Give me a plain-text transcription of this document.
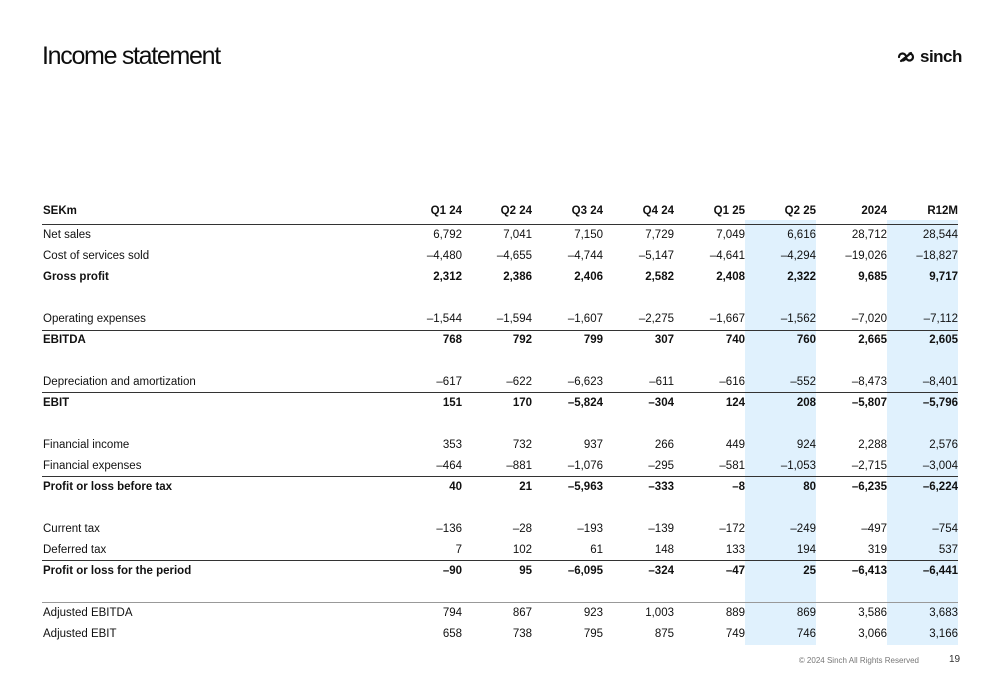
Income statement	sinch
SEKm	Q1 24	Q2 24	Q3 24	Q4 24	Q1 25	Q2 25	2024	R12M
Net sales	6,792	7,041	7,150	7,729	7,049	6,616	28,712	28,544
Cost of services sold	–4,480	–4,655	–4,744	–5,147	–4,641	–4,294	–19,026	–18,827
Gross profit	2,312	2,386	2,406	2,582	2,408	2,322	9,685	9,717
Operating expenses	–1,544	–1,594	–1,607	–2,275	–1,667	–1,562	–7,020	–7,112
EBITDA	768	792	799	307	740	760	2,665	2,605
Depreciation and amortization	–617	–622	–6,623	–611	–616	–552	–8,473	–8,401
EBIT	151	170	–5,824	–304	124	208	–5,807	–5,796
Financial income	353	732	937	266	449	924	2,288	2,576
Financial expenses	–464	–881	–1,076	–295	–581	–1,053	–2,715	–3,004
Profit or loss before tax	40	21	–5,963	–333	–8	80	–6,235	–6,224
Current tax	–136	–28	–193	–139	–172	–249	–497	–754
Deferred tax	7	102	61	148	133	194	319	537
Profit or loss for the period	–90	95	–6,095	–324	–47	25	–6,413	–6,441
Adjusted EBITDA	794	867	923	1,003	889	869	3,586	3,683
Adjusted EBIT	658	738	795	875	749	746	3,066	3,166
© 2024 Sinch All Rights Reserved	19
